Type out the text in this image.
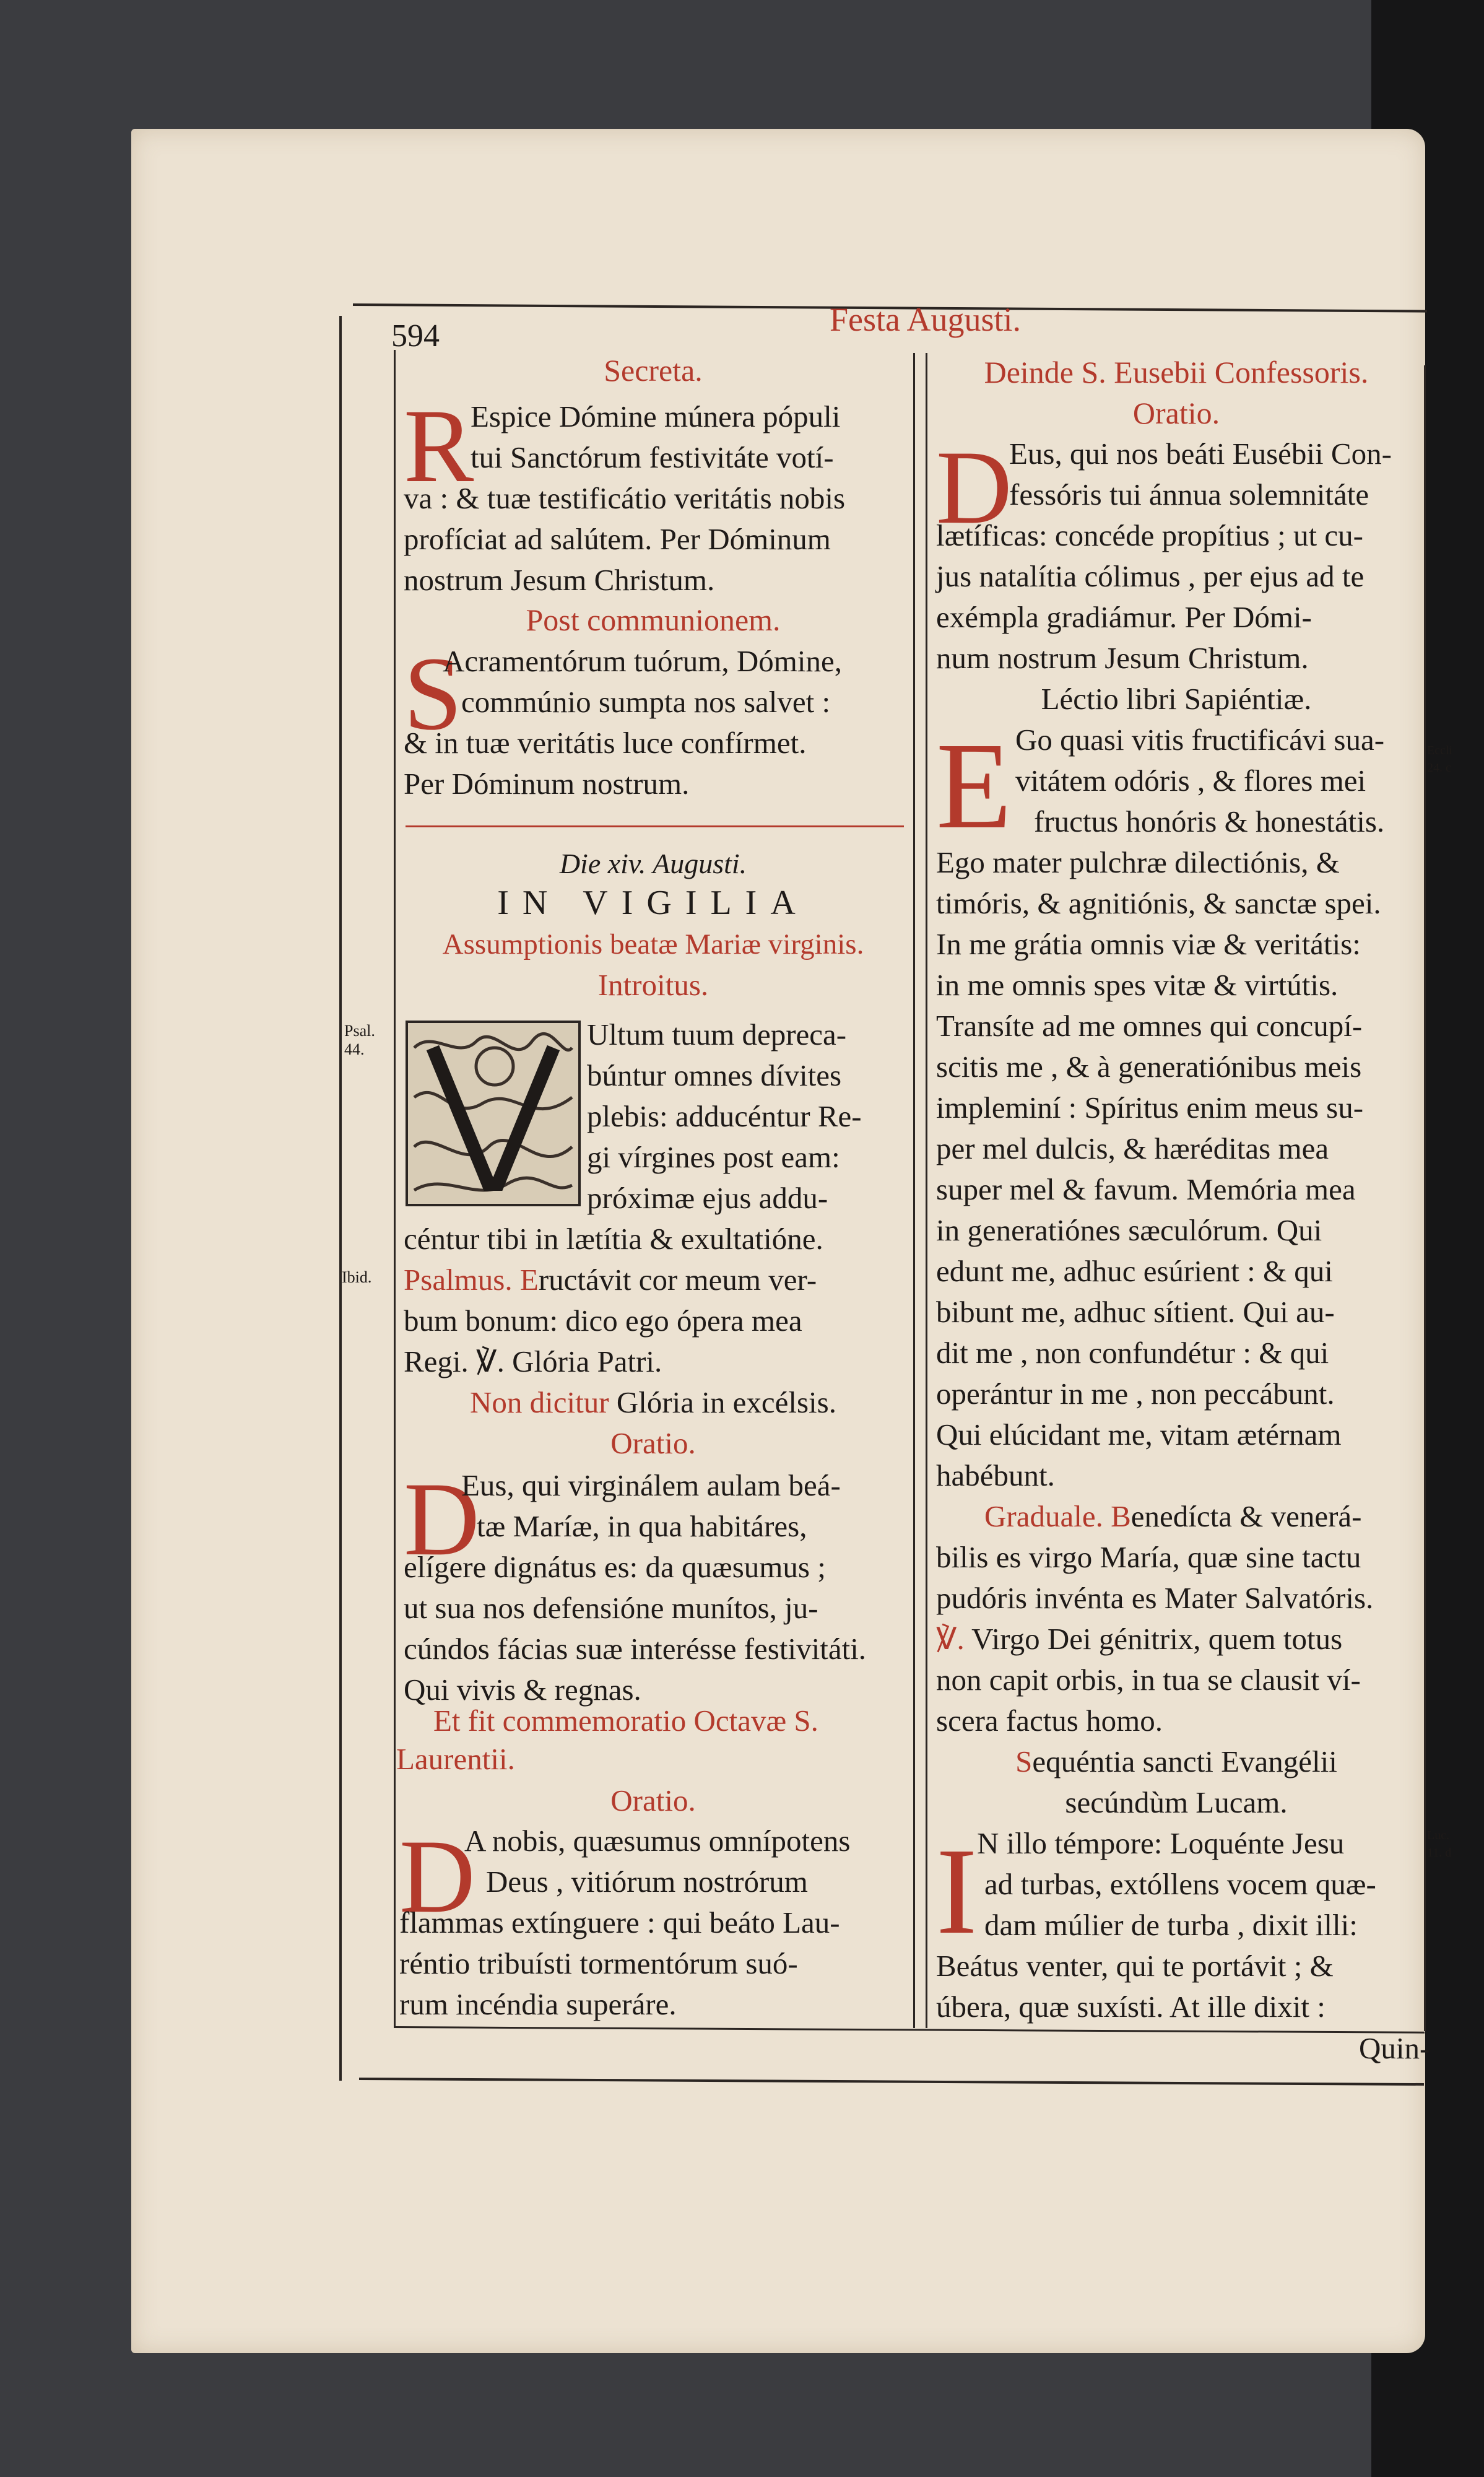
594	Festa Augusti.
Secreta.
R
Espice Dómine múnera pópuli
tui Sanctórum festivitáte votí-
va : & tuæ testificátio veritátis nobis
profíciat ad salútem. Per Dóminum
nostrum Jesum Christum.
Post communionem.
S
Acramentórum tuórum, Dómine,
commúnio sumpta nos salvet :
& in tuæ veritátis luce confírmet.
Per Dóminum nostrum.
Die xiv. Augusti.
IN VIGILIA
Assumptionis beatæ Mariæ virginis.
Introitus.
Psal. 44.	Ultum tuum depreca-
búntur omnes dívites
plebis: adducéntur Re-
gi vírgines post eam:
próximæ ejus addu-
céntur tibi in lætítia & exultatióne.
Ibid. Psalmus. Eructávit cor meum ver-
bum bonum: dico ego ópera mea
Regi. ℣. Glória Patri.
Non dicitur Glória in excélsis.
Oratio.
D
Eus, qui virginálem aulam beá-
tæ Maríæ, in qua habitáres,
elígere dignátus es: da quæsumus ;
ut sua nos defensióne munítos, ju-
cúndos fácias suæ interésse festivitáti.
Qui vivis & regnas.
Et fit commemoratio Octavæ S.
Laurentii.
Oratio.
D
A nobis, quæsumus omnípotens
Deus , vitiórum nostrórum
flammas extínguere : qui beáto Lau-
réntio tribuísti tormentórum suó-
rum incéndia superáre.
Deinde S. Eusebii Confessoris.
Oratio.
D
Eus, qui nos beáti Eusébii Con-
fessóris tui ánnua solemnitáte
lætíficas: concéde propítius ; ut cu-
jus natalítia cólimus , per ejus ad te
exémpla gradiámur. Per Dómi-
num nostrum Jesum Christum.
Léctio libri Sapiéntiæ.
Eccli 24. c
E Go quasi vitis fructificávi sua-
vitátem odóris , & flores mei
fructus honóris & honestátis.
Ego mater pulchræ dilectiónis, &
timóris, & agnitiónis, & sanctæ spei.
In me grátia omnis viæ & veritátis:
in me omnis spes vitæ & virtútis.
Transíte ad me omnes qui concupí-
scitis me , & à generatiónibus meis
impleminí : Spíritus enim meus su-
per mel dulcis, & hæréditas mea
super mel & favum. Memória mea
in generatiónes sæculórum. Qui
edunt me, adhuc esúrient : & qui
bibunt me, adhuc sítient. Qui au-
dit me , non confundétur : & qui
operántur in me , non peccábunt.
Qui elúcidant me, vitam ætérnam
habébunt.
Graduale. Benedícta & venerá-
bilis es virgo María, quæ sine tactu
pudóris invénta es Mater Salvatóris.
℣. Virgo Dei génitrix, quem totus
non capit orbis, in tua se clausit ví-
scera factus homo.
Sequéntia sancti Evangélii
secúndùm Lucam.
Luc. 11. d
I N illo témpore: Loquénte Jesu
ad turbas, extóllens vocem quæ-
dam múlier de turba , dixit illi:
Beátus venter, qui te portávit ; &
úbera, quæ suxísti. At ille dixit :
Quin-
